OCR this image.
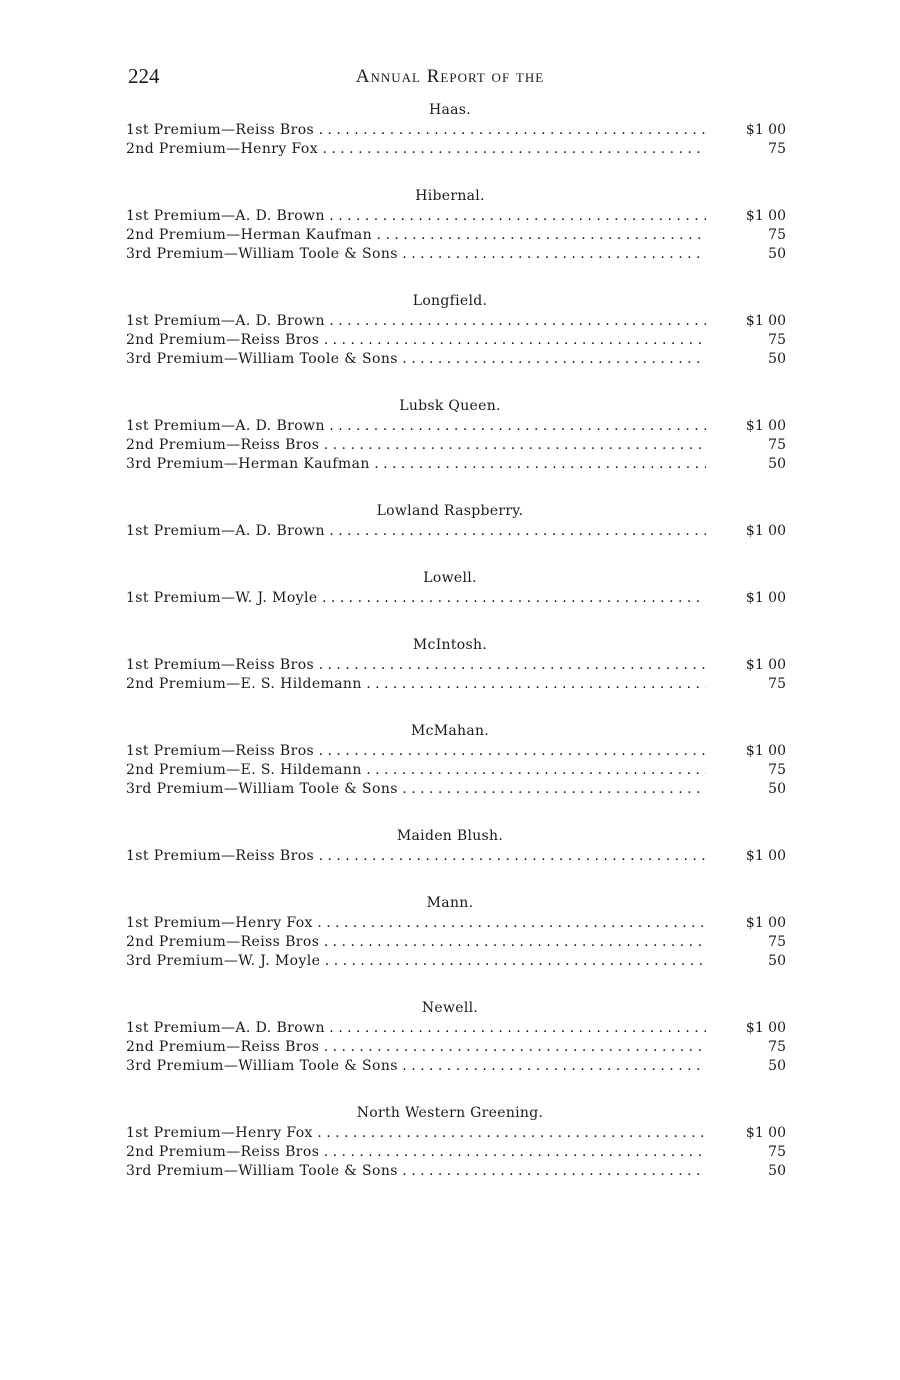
224	Annual Report of the
Haas.
1st Premium—Reiss Bros . . .	$1 00
2nd Premium—Henry Fox . . .	75
Hibernal.
1st Premium—A. D. Brown . . .	$1 00
2nd Premium—Herman Kaufman . . .	75
3rd Premium—William Toole & Sons . . .	50
Longfield.
1st Premium—A. D. Brown . . .	$1 00
2nd Premium—Reiss Bros . . .	75
3rd Premium—William Toole & Sons . . .	50
Lubsk Queen.
1st Premium—A. D. Brown . . .	$1 00
2nd Premium—Reiss Bros . . .	75
3rd Premium—Herman Kaufman . . .	50
Lowland Raspberry.
1st Premium—A. D. Brown . . .	$1 00
Lowell.
1st Premium—W. J. Moyle . . .	$1 00
McIntosh.
1st Premium—Reiss Bros . . .	$1 00
2nd Premium—E. S. Hildemann . . .	75
McMahan.
1st Premium—Reiss Bros . . .	$1 00
2nd Premium—E. S. Hildemann . . .	75
3rd Premium—William Toole & Sons . . .	50
Maiden Blush.
1st Premium—Reiss Bros . . .	$1 00
Mann.
1st Premium—Henry Fox . . .	$1 00
2nd Premium—Reiss Bros . . .	75
3rd Premium—W. J. Moyle . . .	50
Newell.
1st Premium—A. D. Brown . . .	$1 00
2nd Premium—Reiss Bros . . .	75
3rd Premium—William Toole & Sons . . .	50
North Western Greening.
1st Premium—Henry Fox . . .	$1 00
2nd Premium—Reiss Bros . . .	75
3rd Premium—William Toole & Sons . . .	50
